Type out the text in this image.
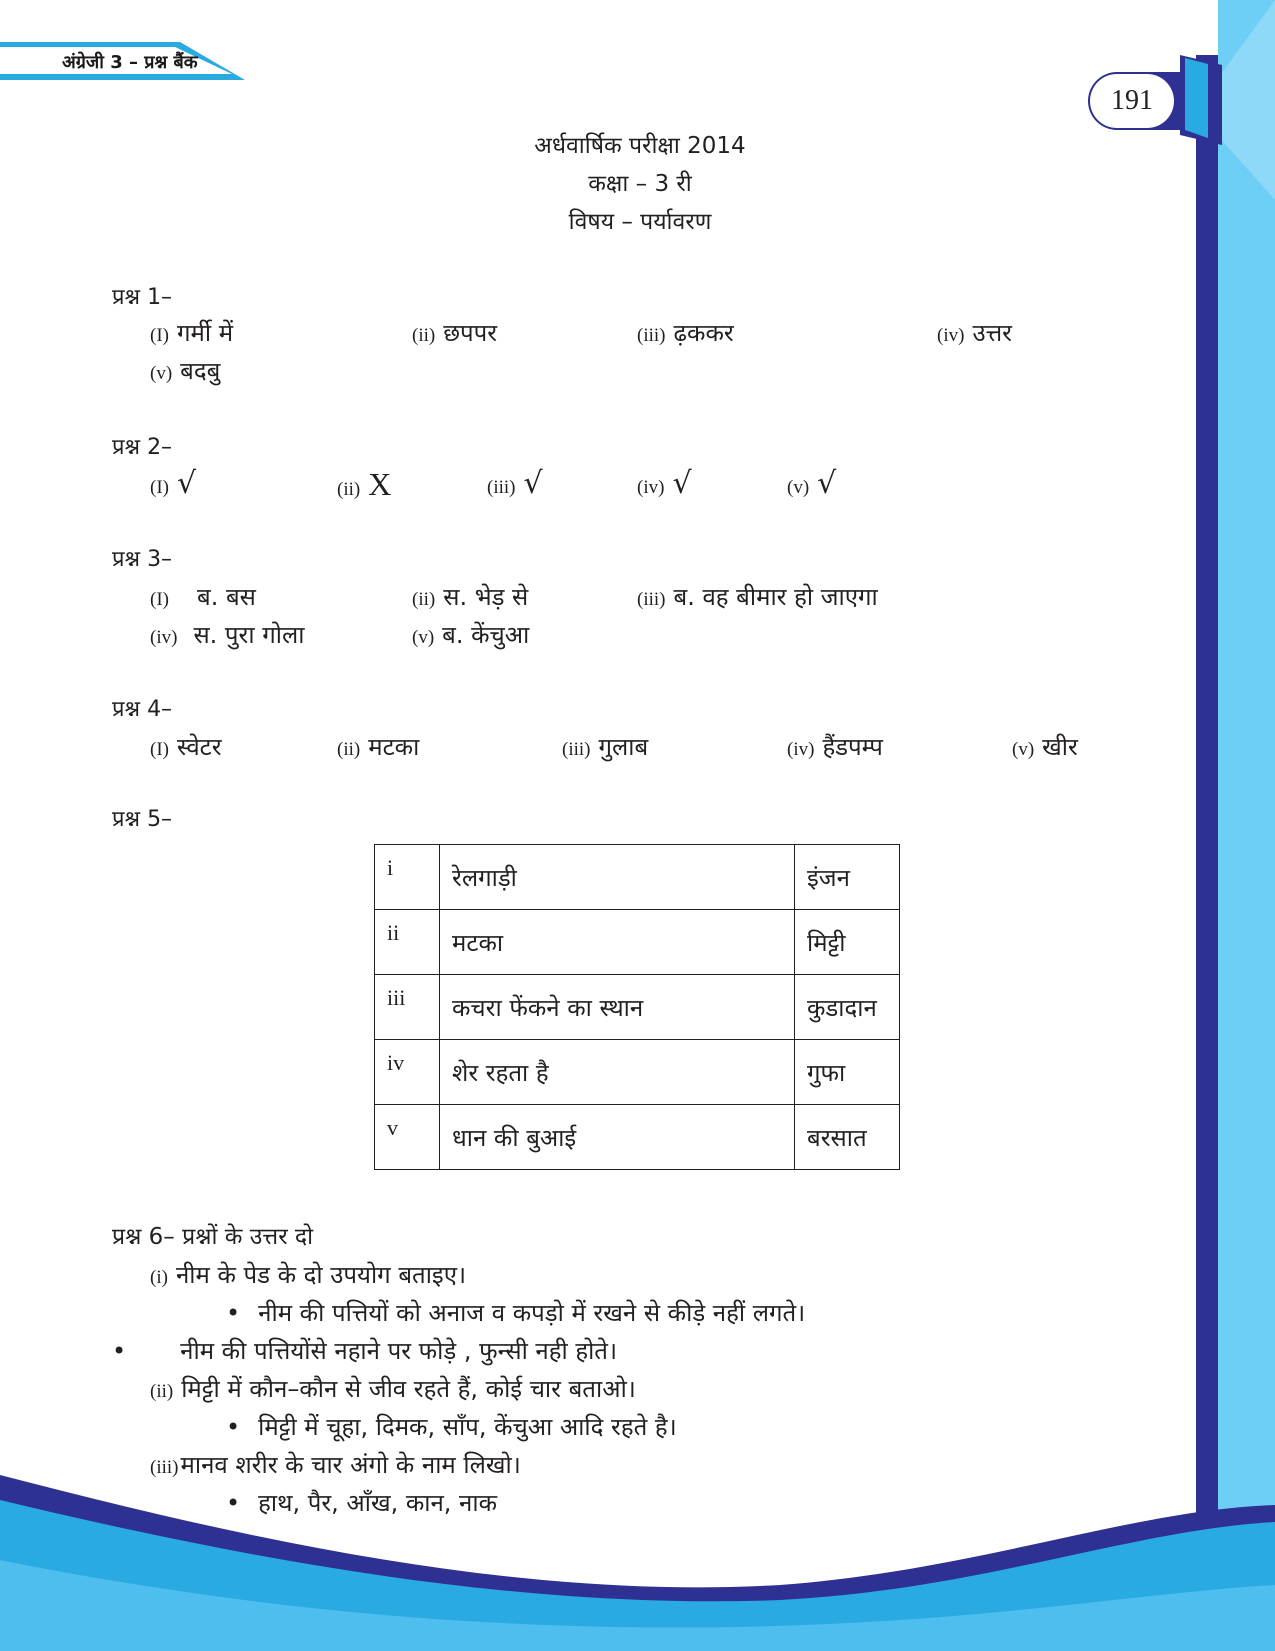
अंग्रेजी 3 – प्रश्न बैंक
191
अर्धवार्षिक परीक्षा 2014
कक्षा – 3 री
विषय – पर्यावरण
प्रश्न 1–
(I) गर्मी में	(ii) छपपर	(iii) ढ़ककर	(iv) उत्तर
(v) बदबु
प्रश्न 2–
(I) √	(ii) X	(iii) √	(iv) √	(v) √
प्रश्न 3–
(I) ब. बस	(ii) स. भेड़ से	(iii) ब. वह बीमार हो जाएगा
(iv) स. पुरा गोला	(v) ब. केंचुआ
प्रश्न 4–
(I) स्वेटर	(ii) मटका	(iii) गुलाब	(iv) हैंडपम्प	(v) खीर
प्रश्न 5–
i	रेलगाड़ी	इंजन
ii	मटका	मिट्टी
iii	कचरा फेंकने का स्थान	कुडादान
iv	शेर रहता है	गुफा
v	धान की बुआई	बरसात
प्रश्न 6– प्रश्नों के उत्तर दो
(i) नीम के पेड के दो उपयोग बताइए।
• नीम की पत्तियों को अनाज व कपड़ो में रखने से कीड़े नहीं लगते।
• नीम की पत्तियोंसे नहाने पर फोड़े , फुन्सी नही होते।
(ii) मिट्टी में कौन–कौन से जीव रहते हैं, कोई चार बताओ।
• मिट्टी में चूहा, दिमक, साँप, केंचुआ आदि रहते है।
(iii)मानव शरीर के चार अंगो के नाम लिखो।
• हाथ, पैर, आँख, कान, नाक
